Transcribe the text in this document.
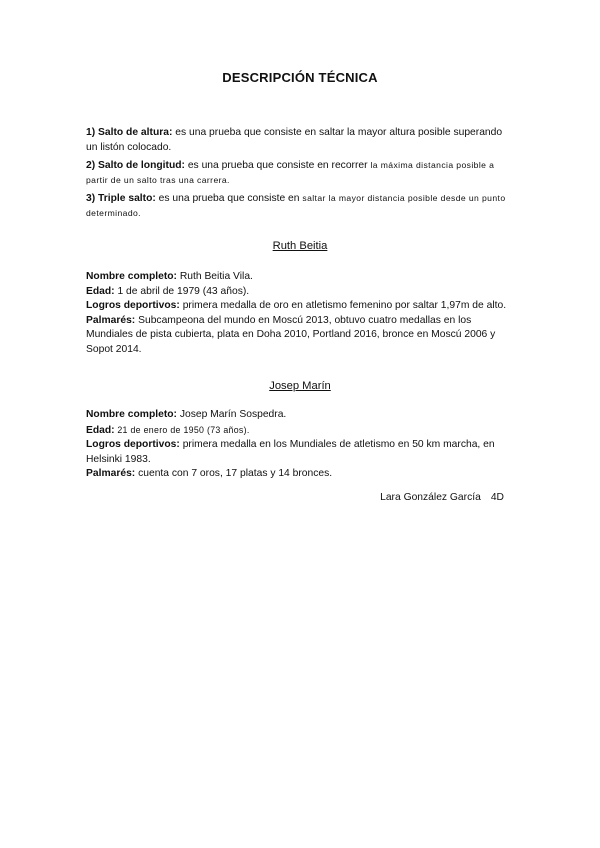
DESCRIPCIÓN TÉCNICA

1) Salto de altura: es una prueba que consiste en saltar la mayor altura posible superando un listón colocado.

2) Salto de longitud: es una prueba que consiste en recorrer la máxima distancia posible a partir de un salto tras una carrera.

3) Triple salto: es una prueba que consiste en saltar la mayor distancia posible desde un punto determinado.

Ruth Beitia

Nombre completo: Ruth Beitia Vila.

Edad: 1 de abril de 1979 (43 años).

Logros deportivos: primera medalla de oro en atletismo femenino por saltar 1,97m de alto.

Palmarés: Subcampeona del mundo en Moscú 2013, obtuvo cuatro medallas en los Mundiales de pista cubierta, plata en Doha 2010, Portland 2016, bronce en Moscú 2006 y Sopot 2014.

Josep Marín

Nombre completo: Josep Marín Sospedra.

Edad: 21 de enero de 1950 (73 años).

Logros deportivos: primera medalla en los Mundiales de atletismo en 50 km marcha, en Helsinki 1983.

Palmarés: cuenta con 7 oros, 17 platas y 14 bronces.

Lara González García 4D
